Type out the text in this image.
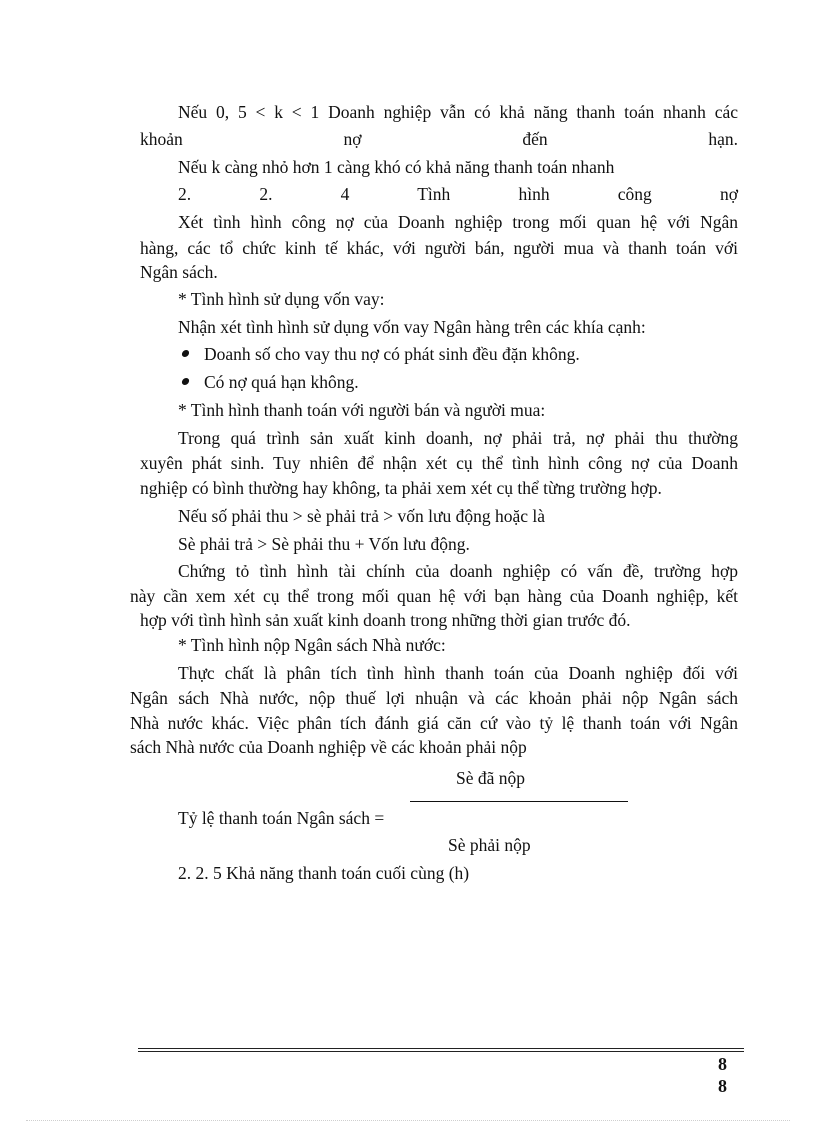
Nếu 0, 5 < k < 1 Doanh nghiệp vẫn có khả năng thanh toán nhanh các

khoản nợ đến hạn.

Nếu k càng nhỏ hơn 1 càng khó có khả năng thanh toán nhanh

2. 2. 4 Tình hình công nợ

Xét tình hình công nợ của Doanh nghiệp trong mối quan hệ với Ngân

hàng, các tổ chức kinh tế khác, với người bán, người mua và thanh toán với

Ngân sách.

* Tình hình sử dụng vốn vay:

Nhận xét tình hình sử dụng vốn vay Ngân hàng trên các khía cạnh:

Doanh số cho vay thu nợ có phát sinh đều đặn không.

Có nợ quá hạn không.

* Tình hình thanh toán với người bán và người mua:

Trong quá trình sản xuất kinh doanh, nợ phải trả, nợ phải thu thường

xuyên phát sinh. Tuy nhiên để nhận xét cụ thể tình hình công nợ của Doanh

nghiệp có bình thường hay không, ta phải xem xét cụ thể từng trường hợp.

Nếu số phải thu > sè phải trả > vốn lưu động hoặc là

Sè phải trả > Sè phải thu + Vốn lưu động.

Chứng tỏ tình hình tài chính của doanh nghiệp có vấn đề, trường hợp

này cần xem xét cụ thể trong mối quan hệ với bạn hàng của Doanh nghiệp, kết

hợp với tình hình sản xuất kinh doanh trong những thời gian trước đó.

* Tình hình nộp Ngân sách Nhà nước:

Thực chất là phân tích tình hình thanh toán của Doanh nghiệp đối với

Ngân sách Nhà nước, nộp thuế lợi nhuận và các khoản phải nộp Ngân sách

Nhà nước khác. Việc phân tích đánh giá căn cứ vào tỷ lệ thanh toán với Ngân

sách Nhà nước của Doanh nghiệp về các khoản phải nộp

Sè đã nộp

Tỷ lệ thanh toán Ngân sách =

Sè phải nộp

2. 2. 5 Khả năng thanh toán cuối cùng (h)

8
8
